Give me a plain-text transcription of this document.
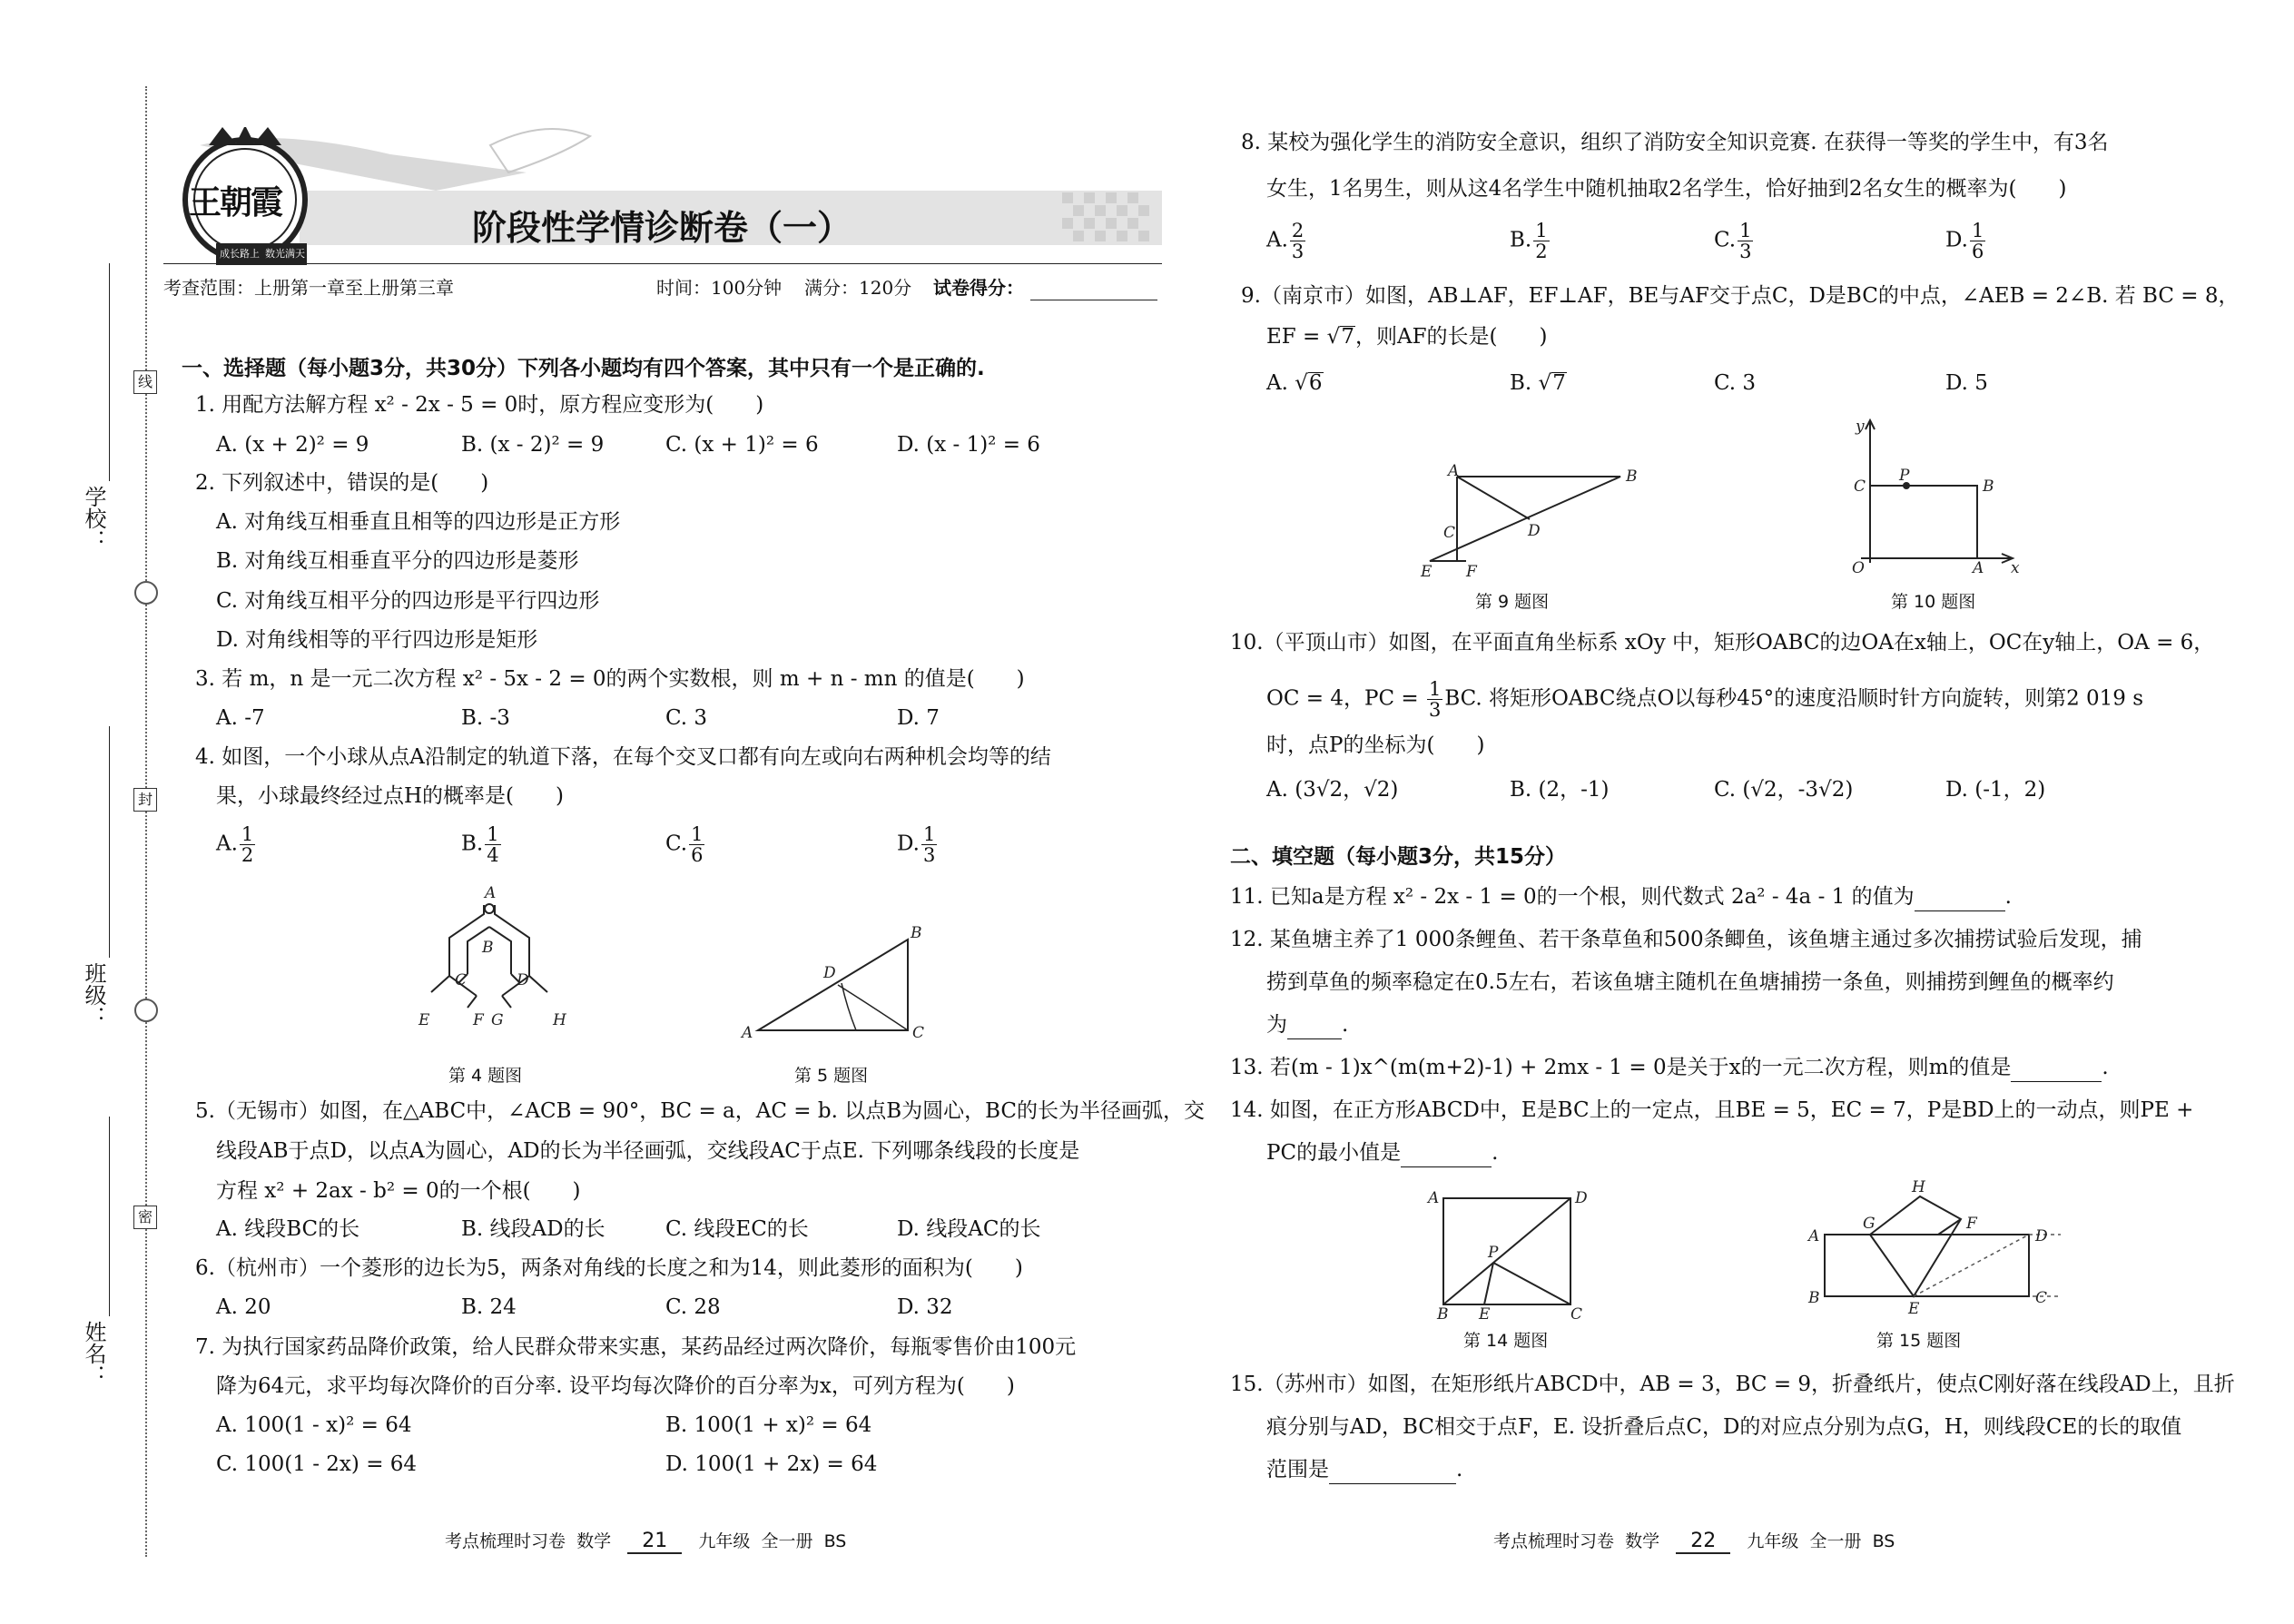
学校：
班级：
姓名：
线
封
密
王朝霞
成长路上 数光满天
阶段性学情诊断卷（一）
考查范围：上册第一章至上册第三章	时间：100分钟 满分：120分 试卷得分：
一、选择题（每小题3分，共30分）下列各小题均有四个答案，其中只有一个是正确的.
1. 用配方法解方程 x² - 2x - 5 = 0时，原方程应变形为(　　)
A. (x + 2)² = 9	B. (x - 2)² = 9	C. (x + 1)² = 6	D. (x - 1)² = 6
2. 下列叙述中，错误的是(　　)
A. 对角线互相垂直且相等的四边形是正方形
B. 对角线互相垂直平分的四边形是菱形
C. 对角线互相平分的四边形是平行四边形
D. 对角线相等的平行四边形是矩形
3. 若 m，n 是一元二次方程 x² - 5x - 2 = 0的两个实数根，则 m + n - mn 的值是(　　)
A. -7	B. -3	C. 3	D. 7
4. 如图，一个小球从点A沿制定的轨道下落，在每个交叉口都有向左或向右两种机会均等的结
果，小球最终经过点H的概率是(　　)
A. $\frac{1}{2}$	B. $\frac{1}{4}$	C. $\frac{1}{6}$	D. $\frac{1}{3}$
A
B
C	D
E	F G	H
第 4 题图
A
B
C
D
第 5 题图
5.（无锡市）如图，在△ABC中，∠ACB = 90°，BC = a，AC = b. 以点B为圆心，BC的长为半径画弧，交
线段AB于点D，以点A为圆心，AD的长为半径画弧，交线段AC于点E. 下列哪条线段的长度是
方程 x² + 2ax - b² = 0的一个根(　　)
A. 线段BC的长	B. 线段AD的长	C. 线段EC的长	D. 线段AC的长
6.（杭州市）一个菱形的边长为5，两条对角线的长度之和为14，则此菱形的面积为(　　)
A. 20	B. 24	C. 28	D. 32
7. 为执行国家药品降价政策，给人民群众带来实惠，某药品经过两次降价，每瓶零售价由100元
降为64元，求平均每次降价的百分率. 设平均每次降价的百分率为x，可列方程为(　　)
A. 100(1 - x)² = 64	B. 100(1 + x)² = 64
C. 100(1 - 2x) = 64	D. 100(1 + 2x) = 64
考点梳理时习卷 数学 21 九年级 全一册 BS
8. 某校为强化学生的消防安全意识，组织了消防安全知识竞赛. 在获得一等奖的学生中，有3名
女生，1名男生，则从这4名学生中随机抽取2名学生，恰好抽到2名女生的概率为(　　)
A. $\frac{2}{3}$	B. $\frac{1}{2}$	C. $\frac{1}{3}$	D. $\frac{1}{6}$
9.（南京市）如图，AB⊥AF，EF⊥AF，BE与AF交于点C，D是BC的中点，∠AEB = 2∠B. 若 BC = 8，
EF = √7，则AF的长是(　　)
A. √6	B. √7	C. 3	D. 5
A	B
C	D
E F
第 9 题图
y
P
C	B
O	A x
第 10 题图
10.（平顶山市）如图，在平面直角坐标系 xOy 中，矩形OABC的边OA在x轴上，OC在y轴上，OA = 6，
OC = 4，PC = $\frac{1}{3}$ BC. 将矩形OABC绕点O以每秒45°的速度沿顺时针方向旋转，则第2 019 s
时，点P的坐标为(　　)
A. (3√2，√2)	B. (2，-1)	C. (√2，-3√2)	D. (-1，2)
二、填空题（每小题3分，共15分）
11. 已知a是方程 x² - 2x - 1 = 0的一个根，则代数式 2a² - 4a - 1 的值为	.
12. 某鱼塘主养了1 000条鲤鱼、若干条草鱼和500条鲫鱼，该鱼塘主通过多次捕捞试验后发现，捕
捞到草鱼的频率稳定在0.5左右，若该鱼塘主随机在鱼塘捕捞一条鱼，则捕捞到鲤鱼的概率约
为	.
13. 若(m - 1)x^(m(m+2)-1) + 2mx - 1 = 0是关于x的一元二次方程，则m的值是	.
14. 如图，在正方形ABCD中，E是BC上的一定点，且BE = 5，EC = 7，P是BD上的一动点，则PE +
PC的最小值是	.
A	D
P
B E	C
第 14 题图
H
A
G	F
D
B
E
C
第 15 题图
15.（苏州市）如图，在矩形纸片ABCD中，AB = 3，BC = 9，折叠纸片，使点C刚好落在线段AD上，且折
痕分别与AD，BC相交于点F，E. 设折叠后点C，D的对应点分别为点G，H，则线段CE的长的取值
范围是	.
考点梳理时习卷 数学 22 九年级 全一册 BS
